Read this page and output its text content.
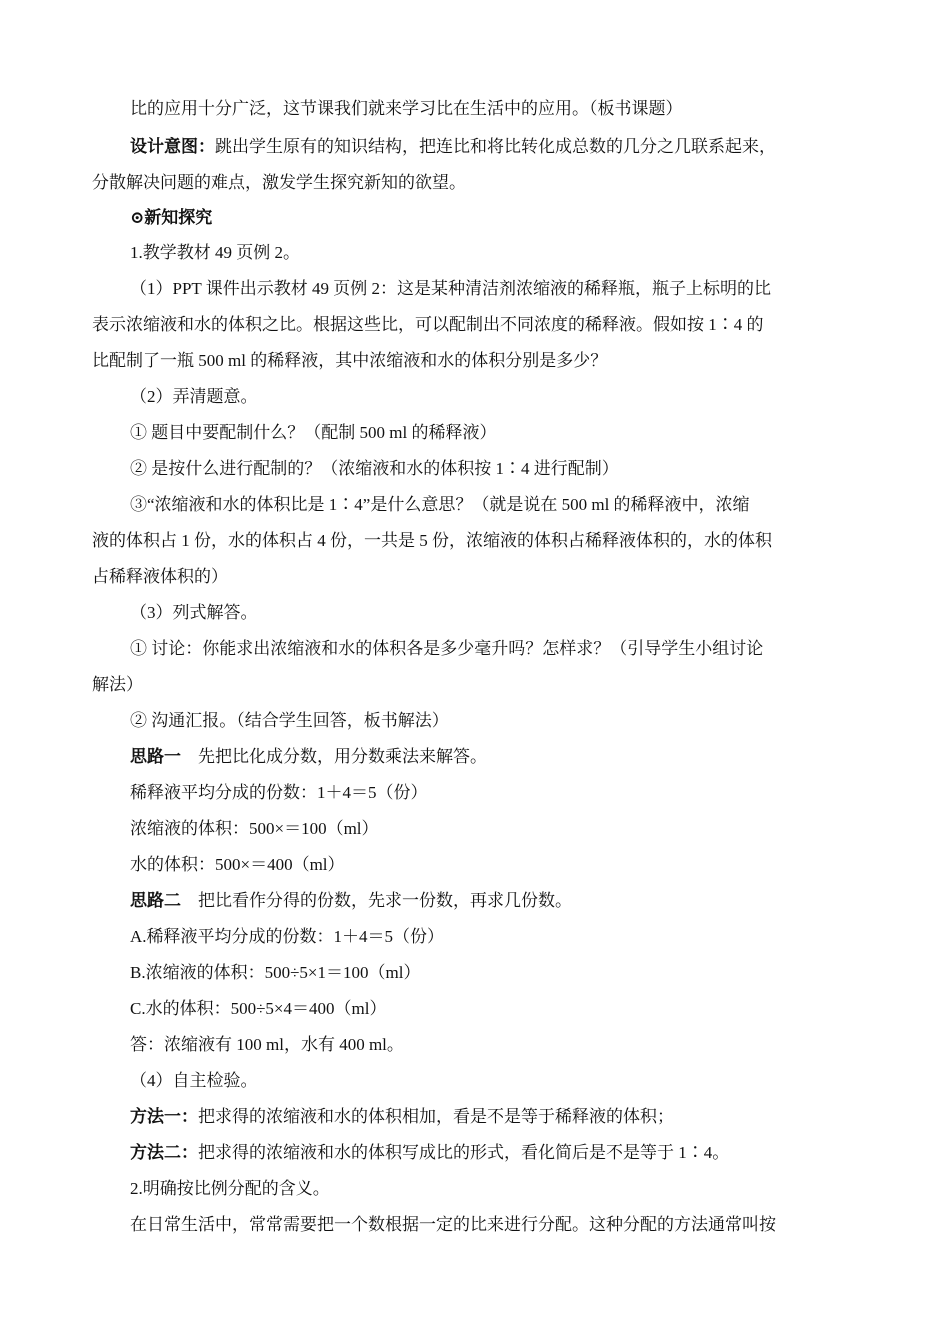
比的应用十分广泛，这节课我们就来学习比在生活中的应用。（板书课题）
设计意图：跳出学生原有的知识结构，把连比和将比转化成总数的几分之几联系起来，
分散解决问题的难点，激发学生探究新知的欲望。
⊙新知探究
1.教学教材 49 页例 2。
（1）PPT 课件出示教材 49 页例 2：这是某种清洁剂浓缩液的稀释瓶，瓶子上标明的比
表示浓缩液和水的体积之比。根据这些比，可以配制出不同浓度的稀释液。假如按 1∶4 的
比配制了一瓶 500 ml 的稀释液，其中浓缩液和水的体积分别是多少？
（2）弄清题意。
① 题目中要配制什么？（配制 500 ml 的稀释液）
② 是按什么进行配制的？（浓缩液和水的体积按 1∶4 进行配制）
③“浓缩液和水的体积比是 1∶4”是什么意思？（就是说在 500 ml 的稀释液中，浓缩
液的体积占 1 份，水的体积占 4 份，一共是 5 份，浓缩液的体积占稀释液体积的，水的体积
占稀释液体积的）
（3）列式解答。
① 讨论：你能求出浓缩液和水的体积各是多少毫升吗？怎样求？（引导学生小组讨论
解法）
② 沟通汇报。（结合学生回答，板书解法）
思路一　先把比化成分数，用分数乘法来解答。
稀释液平均分成的份数：1＋4＝5（份）
浓缩液的体积：500×＝100（ml）
水的体积：500×＝400（ml）
思路二　把比看作分得的份数，先求一份数，再求几份数。
A.稀释液平均分成的份数：1＋4＝5（份）
B.浓缩液的体积：500÷5×1＝100（ml）
C.水的体积：500÷5×4＝400（ml）
答：浓缩液有 100 ml，水有 400 ml。
（4）自主检验。
方法一：把求得的浓缩液和水的体积相加，看是不是等于稀释液的体积；
方法二：把求得的浓缩液和水的体积写成比的形式，看化简后是不是等于 1∶4。
2.明确按比例分配的含义。
在日常生活中，常常需要把一个数根据一定的比来进行分配。这种分配的方法通常叫按
